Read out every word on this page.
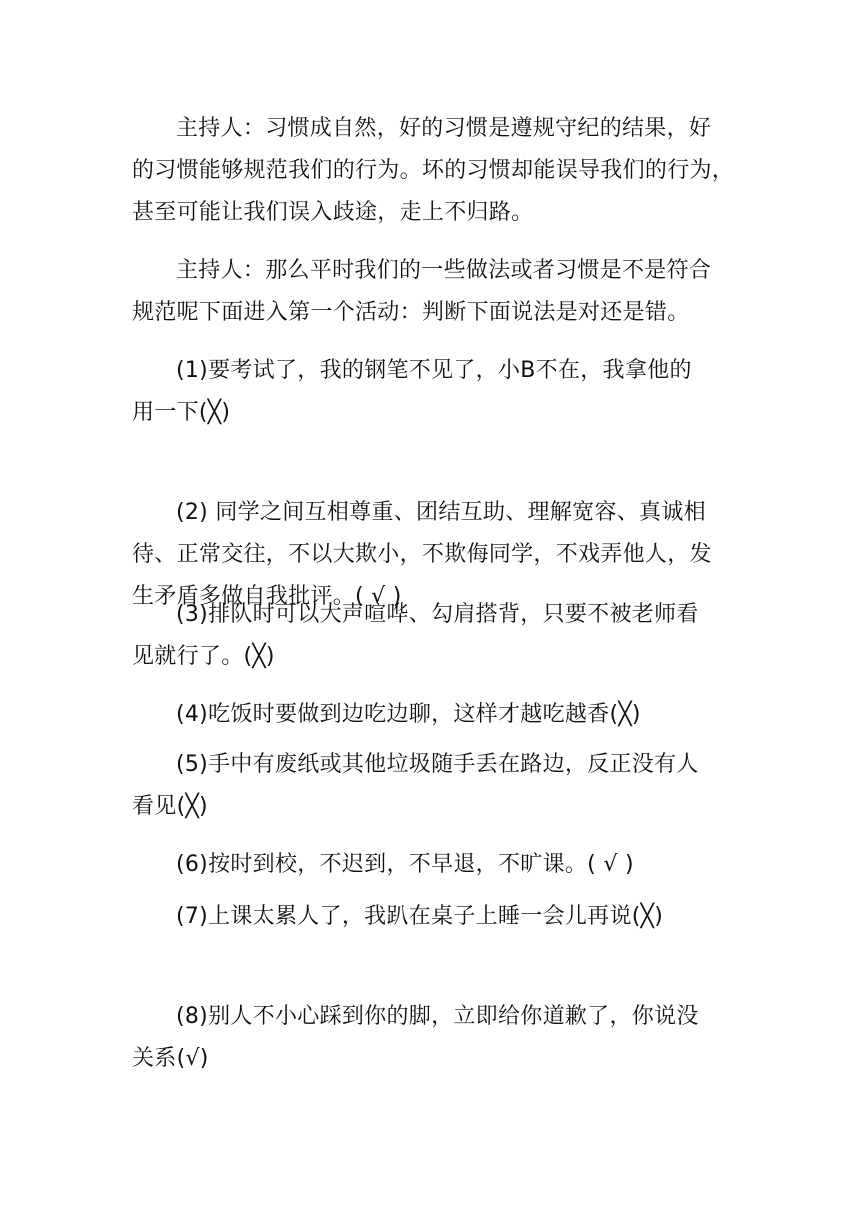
主持人：习惯成自然，好的习惯是遵规守纪的结果，好
的习惯能够规范我们的行为。坏的习惯却能误导我们的行为，
甚至可能让我们误入歧途，走上不归路。

主持人：那么平时我们的一些做法或者习惯是不是符合
规范呢下面进入第一个活动：判断下面说法是对还是错。

(1)要考试了，我的钢笔不见了，小B不在，我拿他的
用一下(╳)

(2) 同学之间互相尊重、团结互助、理解宽容、真诚相
待、正常交往，不以大欺小，不欺侮同学，不戏弄他人，发
生矛盾多做自我批评。( √ )

(3)排队时可以大声喧哗、勾肩搭背，只要不被老师看
见就行了。(╳)

(4)吃饭时要做到边吃边聊，这样才越吃越香(╳)

(5)手中有废纸或其他垃圾随手丢在路边，反正没有人
看见(╳)

(6)按时到校，不迟到，不早退，不旷课。( √ )

(7)上课太累人了，我趴在桌子上睡一会儿再说(╳)

(8)别人不小心踩到你的脚，立即给你道歉了，你说没
关系(√)
